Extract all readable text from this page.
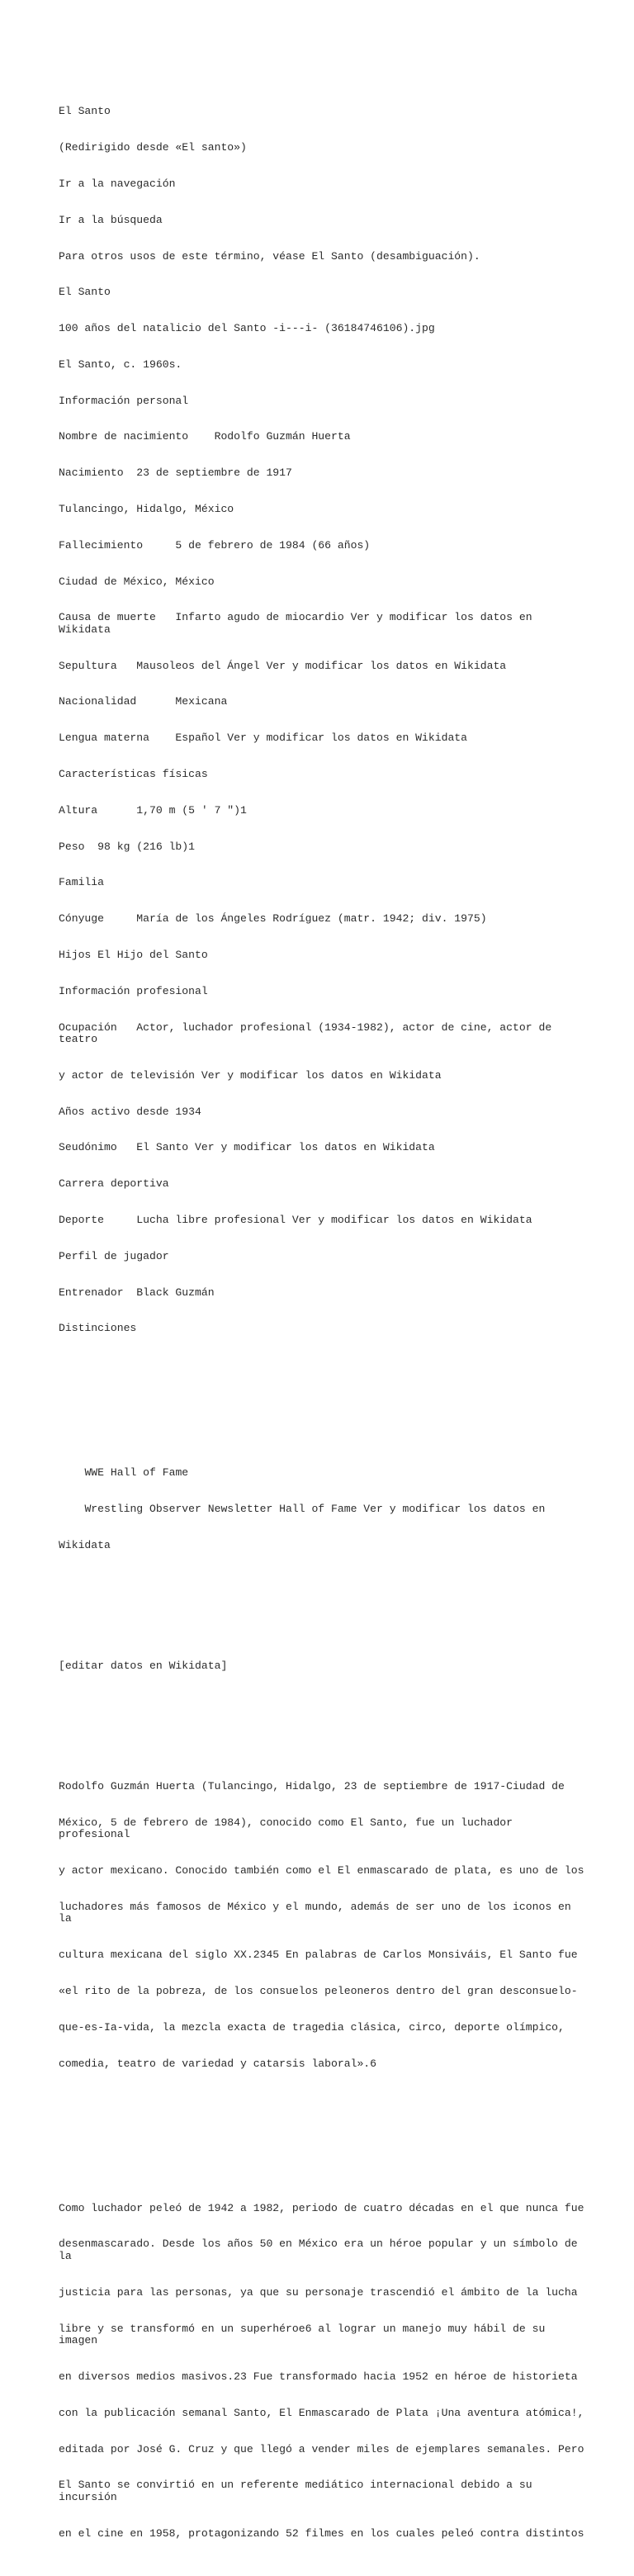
El Santo

(Redirigido desde «El santo»)

Ir a la navegación

Ir a la búsqueda

Para otros usos de este término, véase El Santo (desambiguación).

El Santo

100 años del natalicio del Santo -i---i- (36184746106).jpg

El Santo, c. 1960s.

Información personal

Nombre de nacimiento    Rodolfo Guzmán Huerta

Nacimiento  23 de septiembre de 1917

Tulancingo, Hidalgo, México

Fallecimiento     5 de febrero de 1984 (66 años)

Ciudad de México, México

Causa de muerte   Infarto agudo de miocardio Ver y modificar los datos en Wikidata

Sepultura   Mausoleos del Ángel Ver y modificar los datos en Wikidata

Nacionalidad      Mexicana

Lengua materna    Español Ver y modificar los datos en Wikidata

Características físicas

Altura      1,70 m (5 ' 7 ")1

Peso  98 kg (216 lb)1

Familia

Cónyuge     María de los Ángeles Rodríguez (matr. 1942; div. 1975)

Hijos El Hijo del Santo

Información profesional

Ocupación   Actor, luchador profesional (1934-1982), actor de cine, actor de teatro

y actor de televisión Ver y modificar los datos en Wikidata

Años activo desde 1934

Seudónimo   El Santo Ver y modificar los datos en Wikidata

Carrera deportiva

Deporte     Lucha libre profesional Ver y modificar los datos en Wikidata

Perfil de jugador

Entrenador  Black Guzmán

Distinciones

WWE Hall of Fame

Wrestling Observer Newsletter Hall of Fame Ver y modificar los datos en

Wikidata

[editar datos en Wikidata]

Rodolfo Guzmán Huerta (Tulancingo, Hidalgo, 23 de septiembre de 1917-Ciudad de

México, 5 de febrero de 1984), conocido como El Santo, fue un luchador profesional

y actor mexicano. Conocido también como el El enmascarado de plata, es uno de los

luchadores más famosos de México y el mundo, además de ser uno de los iconos en la

cultura mexicana del siglo XX.2345 En palabras de Carlos Monsiváis, El Santo fue

«el rito de la pobreza, de los consuelos peleoneros dentro del gran desconsuelo-

que-es-Ia-vida, la mezcla exacta de tragedia clásica, circo, deporte olímpico,

comedia, teatro de variedad y catarsis laboral».6

Como luchador peleó de 1942 a 1982, periodo de cuatro décadas en el que nunca fue

desenmascarado. Desde los años 50 en México era un héroe popular y un símbolo de la

justicia para las personas, ya que su personaje trascendió el ámbito de la lucha

libre y se transformó en un superhéroe6 al lograr un manejo muy hábil de su imagen

en diversos medios masivos.23 Fue transformado hacia 1952 en héroe de historieta

con la publicación semanal Santo, El Enmascarado de Plata ¡Una aventura atómica!,

editada por José G. Cruz y que llegó a vender miles de ejemplares semanales. Pero

El Santo se convirtió en un referente mediático internacional debido a su incursión

en el cine en 1958, protagonizando 52 filmes en los cuales peleó contra distintos
